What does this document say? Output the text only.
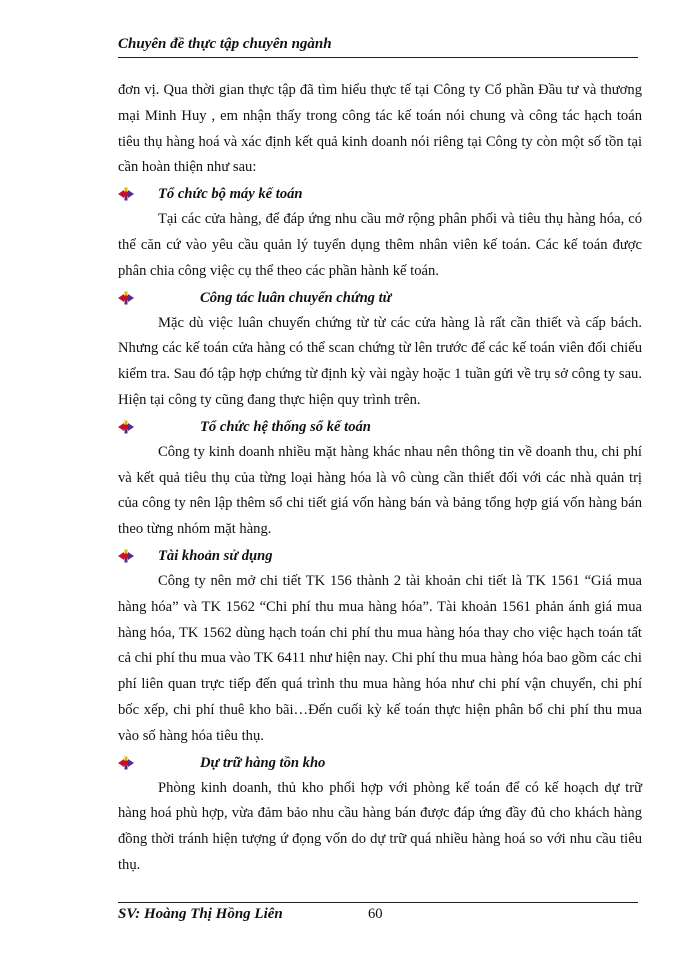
Chuyên đề thực tập chuyên ngành

đơn vị. Qua thời gian thực tập đã tìm hiểu thực tế tại Công ty Cổ phần Đầu tư và thương mại Minh Huy , em nhận thấy trong công tác kế toán nói chung và công tác hạch toán tiêu thụ hàng hoá và xác định kết quả kinh doanh nói riêng tại Công ty còn một số tồn tại cần hoàn thiện như sau:

Tổ chức bộ máy kế toán

Tại các cửa hàng, để đáp ứng nhu cầu mở rộng phân phối và tiêu thụ hàng hóa, có thể căn cứ vào yêu cầu quản lý tuyển dụng thêm nhân viên kế toán. Các kế toán được phân chia công việc cụ thể theo các phần hành kế toán.

Công tác luân chuyển chứng từ

Mặc dù việc luân chuyển chứng từ từ các cửa hàng là rất cần thiết và cấp bách. Nhưng các kế toán cửa hàng có thể scan chứng từ lên trước để các kế toán viên đối chiếu kiểm tra. Sau đó tập hợp chứng từ định kỳ vài ngày hoặc 1 tuần gửi về trụ sở công ty sau. Hiện tại công ty cũng đang thực hiện quy trình trên.

Tổ chức hệ thống sổ kế toán

Công ty kinh doanh nhiều mặt hàng khác nhau nên thông tin về doanh thu, chi phí và kết quả tiêu thụ của từng loại hàng hóa là vô cùng cần thiết đối với các nhà quản trị của công ty nên lập thêm sổ chi tiết giá vốn hàng bán và bảng tổng hợp giá vốn hàng bán theo từng nhóm mặt hàng.

Tài khoản sử dụng

Công ty nên mở chi tiết TK 156 thành 2 tài khoản chi tiết là TK 1561 “Giá mua hàng hóa” và TK 1562 “Chi phí thu mua hàng hóa”. Tài khoản 1561 phản ánh giá mua hàng hóa, TK 1562 dùng hạch toán chi phí thu mua hàng hóa thay cho việc hạch toán tất cả chi phí thu mua vào TK 6411 như hiện nay. Chi phí thu mua hàng hóa bao gồm các chi phí liên quan trực tiếp đến quá trình thu mua hàng hóa như chi phí vận chuyển, chi phí bốc xếp, chi phí thuê kho bãi…Đến cuối kỳ kế toán thực hiện phân bổ chi phí thu mua vào số hàng hóa tiêu thụ.

Dự trữ hàng tồn kho

Phòng kinh doanh, thủ kho phối hợp với phòng kế toán để có kế hoạch dự trữ hàng hoá phù hợp, vừa đảm bảo nhu cầu hàng bán được đáp ứng đầy đủ cho khách hàng đồng thời tránh hiện tượng ứ đọng vốn do dự trữ quá nhiều hàng hoá so với nhu cầu tiêu thụ.

SV: Hoàng Thị Hồng Liên	60
